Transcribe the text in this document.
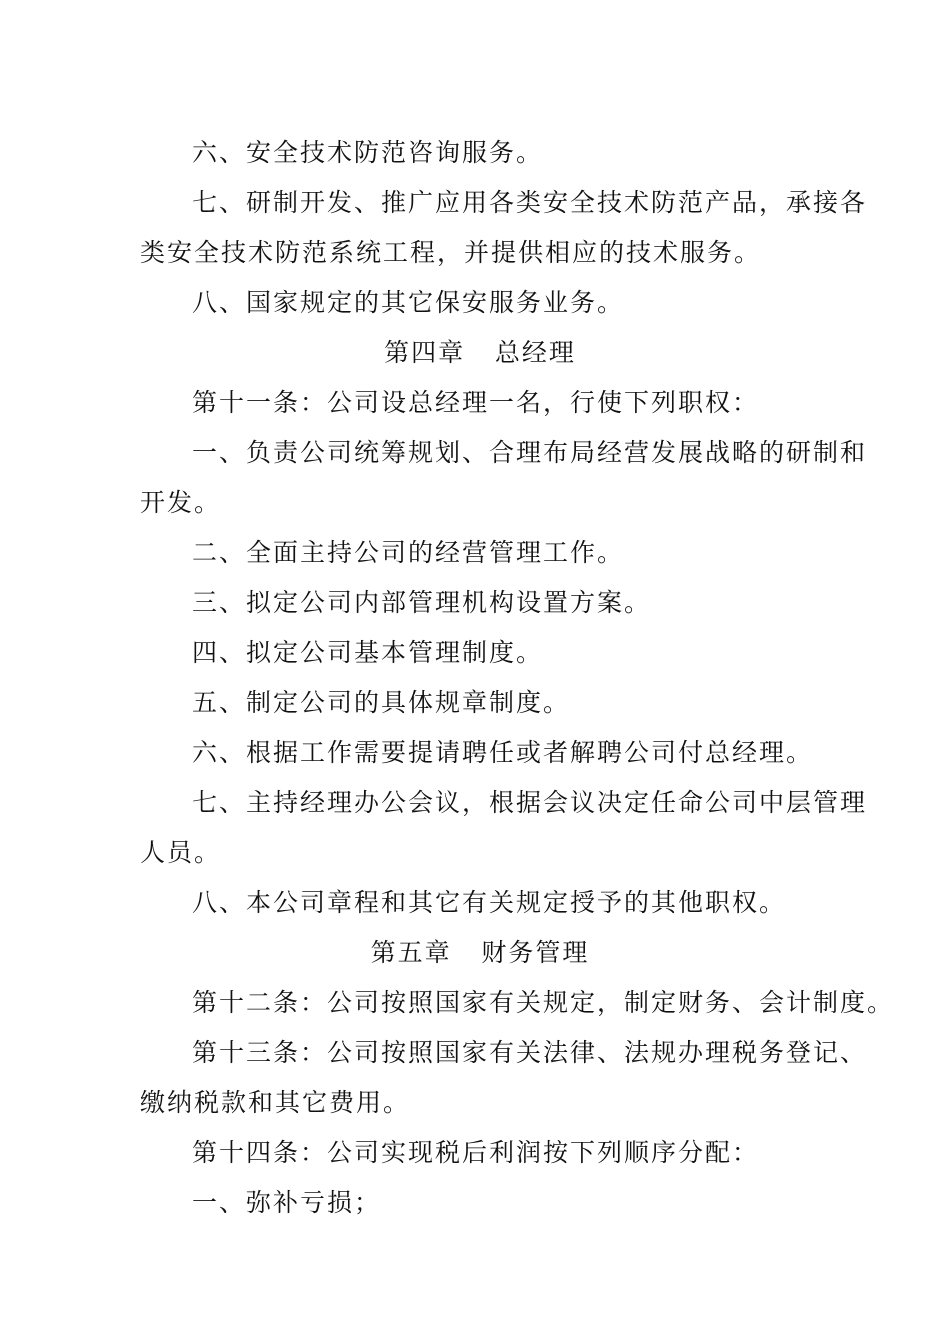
六、安全技术防范咨询服务。

七、研制开发、推广应用各类安全技术防范产品，承接各

类安全技术防范系统工程，并提供相应的技术服务。

八、国家规定的其它保安服务业务。

第四章   总经理

第十一条：公司设总经理一名，行使下列职权：

一、负责公司统筹规划、合理布局经营发展战略的研制和

开发。

二、全面主持公司的经营管理工作。

三、拟定公司内部管理机构设置方案。

四、拟定公司基本管理制度。

五、制定公司的具体规章制度。

六、根据工作需要提请聘任或者解聘公司付总经理。

七、主持经理办公会议，根据会议决定任命公司中层管理

人员。

八、本公司章程和其它有关规定授予的其他职权。

第五章   财务管理

第十二条：公司按照国家有关规定，制定财务、会计制度。

第十三条：公司按照国家有关法律、法规办理税务登记、

缴纳税款和其它费用。

第十四条：公司实现税后利润按下列顺序分配：

一、弥补亏损；
